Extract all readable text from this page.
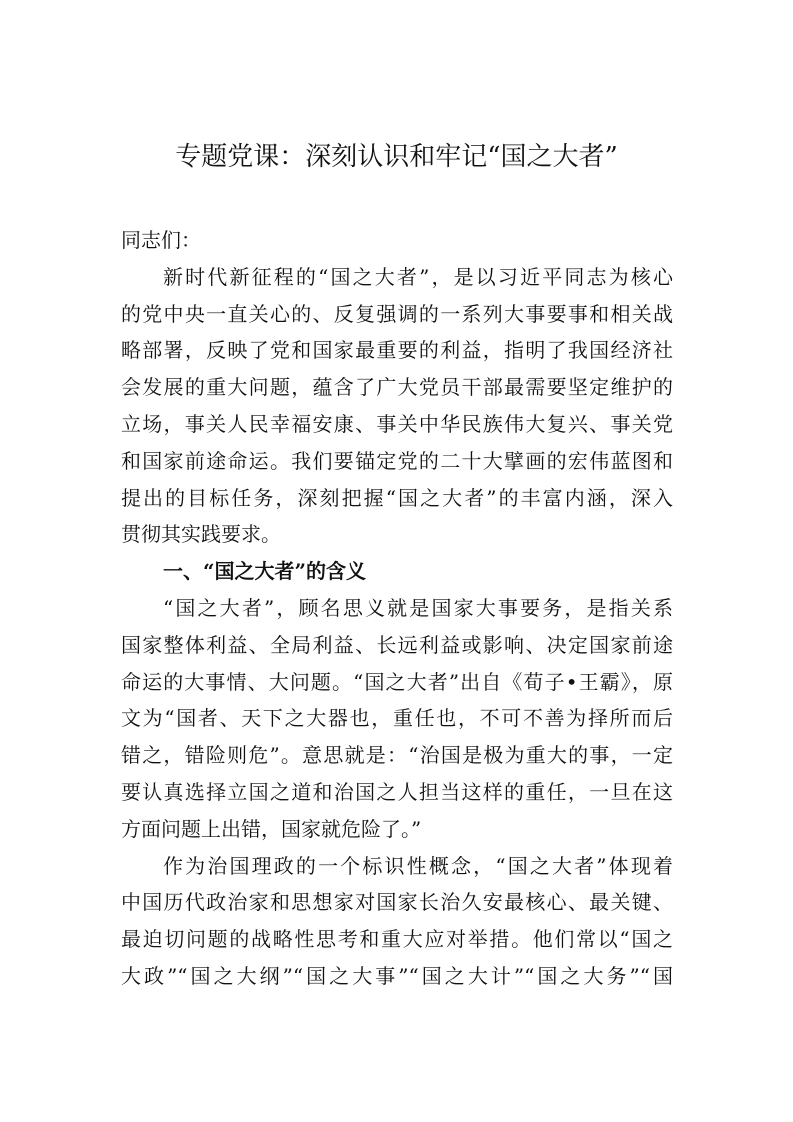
专题党课：深刻认识和牢记“国之大者”
同志们：
新时代新征程的“国之大者”，是以习近平同志为核心
的党中央一直关心的、反复强调的一系列大事要事和相关战
略部署，反映了党和国家最重要的利益，指明了我国经济社
会发展的重大问题，蕴含了广大党员干部最需要坚定维护的
立场，事关人民幸福安康、事关中华民族伟大复兴、事关党
和国家前途命运。我们要锚定党的二十大擘画的宏伟蓝图和
提出的目标任务，深刻把握“国之大者”的丰富内涵，深入
贯彻其实践要求。
一、“国之大者”的含义
“国之大者”，顾名思义就是国家大事要务，是指关系
国家整体利益、全局利益、长远利益或影响、决定国家前途
命运的大事情、大问题。“国之大者”出自《荀子•王霸》，原
文为“国者、天下之大器也，重任也，不可不善为择所而后
错之，错险则危”。意思就是：“治国是极为重大的事，一定
要认真选择立国之道和治国之人担当这样的重任，一旦在这
方面问题上出错，国家就危险了。”
作为治国理政的一个标识性概念，“国之大者”体现着
中国历代政治家和思想家对国家长治久安最核心、最关键、
最迫切问题的战略性思考和重大应对举措。他们常以“国之
大政”“国之大纲”“国之大事”“国之大计”“国之大务”“国
